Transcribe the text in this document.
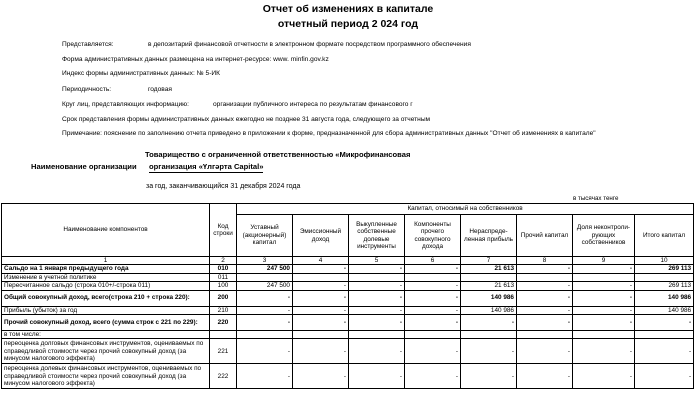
Отчет об изменениях в капитале
отчетный период 2 024 год
Представляется:	в депозитарий финансовой отчетности в электронном формате посредством программного обеспечения
Форма административных данных размещена на интернет-ресурсе: www. minfin.gov.kz
Индекс формы административных данных: № 5-ИК
Периодичность:	годовая
Круг лиц, представляющих информацию:	организации публичного интереса по результатам финансового г
Срок представления формы административных данных ежегодно не позднее 31 августа года, следующего за отчетным
Примечание: пояснение по заполнению отчета приведено в приложении к форме, предназначенной для сбора административных данных "Отчет об изменениях в капитале"
Товарищество с ограниченной ответственностью «Микрофинансовая
Наименование организации организация «Үлгəрта Capital»
за год, заканчивающийся 31 декабря 2024 года
в тысячах тенге
Наименование компонентов	Код строки	Капитал, относимый на собственников							
		Уставный (акционерный) капитал	Эмиссионный доход	Выкупленные собственные долевые инструменты	Компоненты прочего совокупного дохода	Нераспреде-ленная прибыль	Прочий капитал	Доля неконтроли-рующих собственников	Итого капитал
1	2	3	4	5	6	7	8	9	10
Сальдо на 1 января предыдущего года	010	247 500	-	-	-	21 613	-	-	269 113
Изменение в учетной политике	011								
Пересчитанное сальдо (строка 010+/-строка 011)	100	247 500	-	-	-	21 613	-	-	269 113
Общий совокупный доход, всего(строка 210 + строка 220):	200	-	-	-	-	140 986	-	-	140 986
Прибыль (убыток) за год	210	-	-	-	-	140 986	-	-	140 986
Прочий совокупный доход, всего (сумма строк с 221 по 229):	220	-	-	-	-	-	-	-	-
в том числе:									
переоценка долговых финансовых инструментов, оцениваемых по справедливой стоимости через прочий совокупный доход (за минусом налогового эффекта)	221	-	-	-	-	-	-	-	-
переоценка долевых финансовых инструментов, оцениваемых по справедливой стоимости через прочий совокупный доход (за минусом налогового эффекта)	222	-	-	-	-	-	-	-	-
